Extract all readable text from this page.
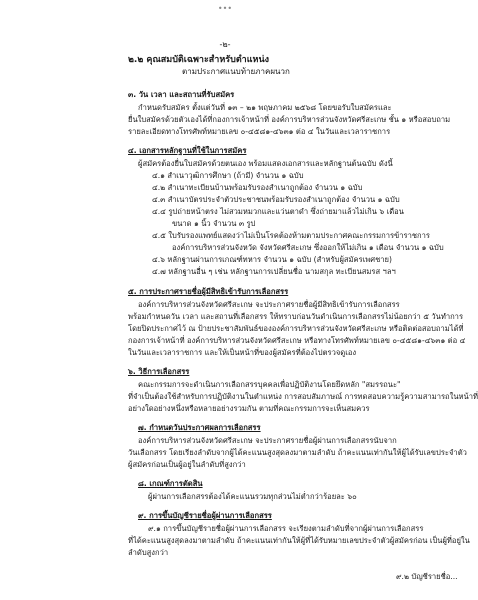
•••
-๒-
๒.๒ คุณสมบัติเฉพาะสำหรับตำแหน่ง
ตามประกาศแนบท้ายภาคผนวก
๓. วัน เวลา และสถานที่รับสมัคร
กำหนดรับสมัคร ตั้งแต่วันที่ ๑๓ – ๒๑ พฤษภาคม ๒๕๖๘ โดยขอรับใบสมัครและ
ยื่นใบสมัครด้วยตัวเองได้ที่กองการเจ้าหน้าที่ องค์การบริหารส่วนจังหวัดศรีสะเกษ ชั้น ๑ หรือสอบถาม
รายละเอียดทางโทรศัพท์หมายเลข ๐-๔๕๘๑-๔๖๓๑ ต่อ ๔ ในวันและเวลาราชการ
๔. เอกสารหลักฐานที่ใช้ในการสมัคร
ผู้สมัครต้องยื่นใบสมัครด้วยตนเอง พร้อมแสดงเอกสารและหลักฐานต้นฉบับ ดังนี้
๔.๑ สำเนาวุฒิการศึกษา (ถ้ามี) จำนวน ๑ ฉบับ
๔.๒ สำเนาทะเบียนบ้านพร้อมรับรองสำเนาถูกต้อง จำนวน ๑ ฉบับ
๔.๓ สำเนาบัตรประจำตัวประชาชนพร้อมรับรองสำเนาถูกต้อง จำนวน ๑ ฉบับ
๔.๔ รูปถ่ายหน้าตรง ไม่สวมหมวกและแว่นตาดำ ซึ่งถ่ายมาแล้วไม่เกิน ๖ เดือน
ขนาด ๑ นิ้ว จำนวน ๓ รูป
๔.๕ ใบรับรองแพทย์แสดงว่าไม่เป็นโรคต้องห้ามตามประกาศคณะกรรมการข้าราชการ
องค์การบริหารส่วนจังหวัด จังหวัดศรีสะเกษ ซึ่งออกให้ไม่เกิน ๑ เดือน จำนวน ๑ ฉบับ
๔.๖ หลักฐานผ่านการเกณฑ์ทหาร จำนวน ๑ ฉบับ (สำหรับผู้สมัครเพศชาย)
๔.๗ หลักฐานอื่น ๆ เช่น หลักฐานการเปลี่ยนชื่อ นามสกุล ทะเบียนสมรส ฯลฯ
๕. การประกาศรายชื่อผู้มีสิทธิเข้ารับการเลือกสรร
องค์การบริหารส่วนจังหวัดศรีสะเกษ จะประกาศรายชื่อผู้มีสิทธิเข้ารับการเลือกสรร
พร้อมกำหนดวัน เวลา และสถานที่เลือกสรร ให้ทราบก่อนวันดำเนินการเลือกสรรไม่น้อยกว่า ๕ วันทำการ
โดยปิดประกาศไว้ ณ ป้ายประชาสัมพันธ์ขององค์การบริหารส่วนจังหวัดศรีสะเกษ หรือติดต่อสอบถามได้ที่
กองการเจ้าหน้าที่ องค์การบริหารส่วนจังหวัดศรีสะเกษ หรือทางโทรศัพท์หมายเลข ๐-๔๕๘๑-๔๖๓๑ ต่อ ๔
ในวันและเวลาราชการ และให้เป็นหน้าที่ของผู้สมัครที่ต้องไปตรวจดูเอง
๖. วิธีการเลือกสรร
คณะกรรมการจะดำเนินการเลือกสรรบุคคลเพื่อปฏิบัติงานโดยยึดหลัก "สมรรถนะ"
ที่จำเป็นต้องใช้สำหรับการปฏิบัติงานในตำแหน่ง การสอบสัมภาษณ์ การทดสอบความรู้ความสามารถในหน้าที่
อย่างใดอย่างหนึ่งหรือหลายอย่างรวมกัน ตามที่คณะกรรมการจะเห็นสมควร
๗. กำหนดวันประกาศผลการเลือกสรร
องค์การบริหารส่วนจังหวัดศรีสะเกษ จะประกาศรายชื่อผู้ผ่านการเลือกสรรนับจาก
วันเลือกสรร โดยเรียงลำดับจากผู้ได้คะแนนสูงสุดลงมาตามลำดับ ถ้าคะแนนเท่ากันให้ผู้ได้รับเลขประจำตัว
ผู้สมัครก่อนเป็นผู้อยู่ในลำดับที่สูงกว่า
๘. เกณฑ์การตัดสิน
ผู้ผ่านการเลือกสรรต้องได้คะแนนรวมทุกส่วนไม่ต่ำกว่าร้อยละ ๖๐
๙. การขึ้นบัญชีรายชื่อผู้ผ่านการเลือกสรร
๙.๑ การขึ้นบัญชีรายชื่อผู้ผ่านการเลือกสรร จะเรียงตามลำดับที่จากผู้ผ่านการเลือกสรร
ที่ได้คะแนนสูงสุดลงมาตามลำดับ ถ้าคะแนนเท่ากันให้ผู้ที่ได้รับหมายเลขประจำตัวผู้สมัครก่อน เป็นผู้ที่อยู่ใน
ลำดับสูงกว่า
๙.๒ บัญชีรายชื่อ...
